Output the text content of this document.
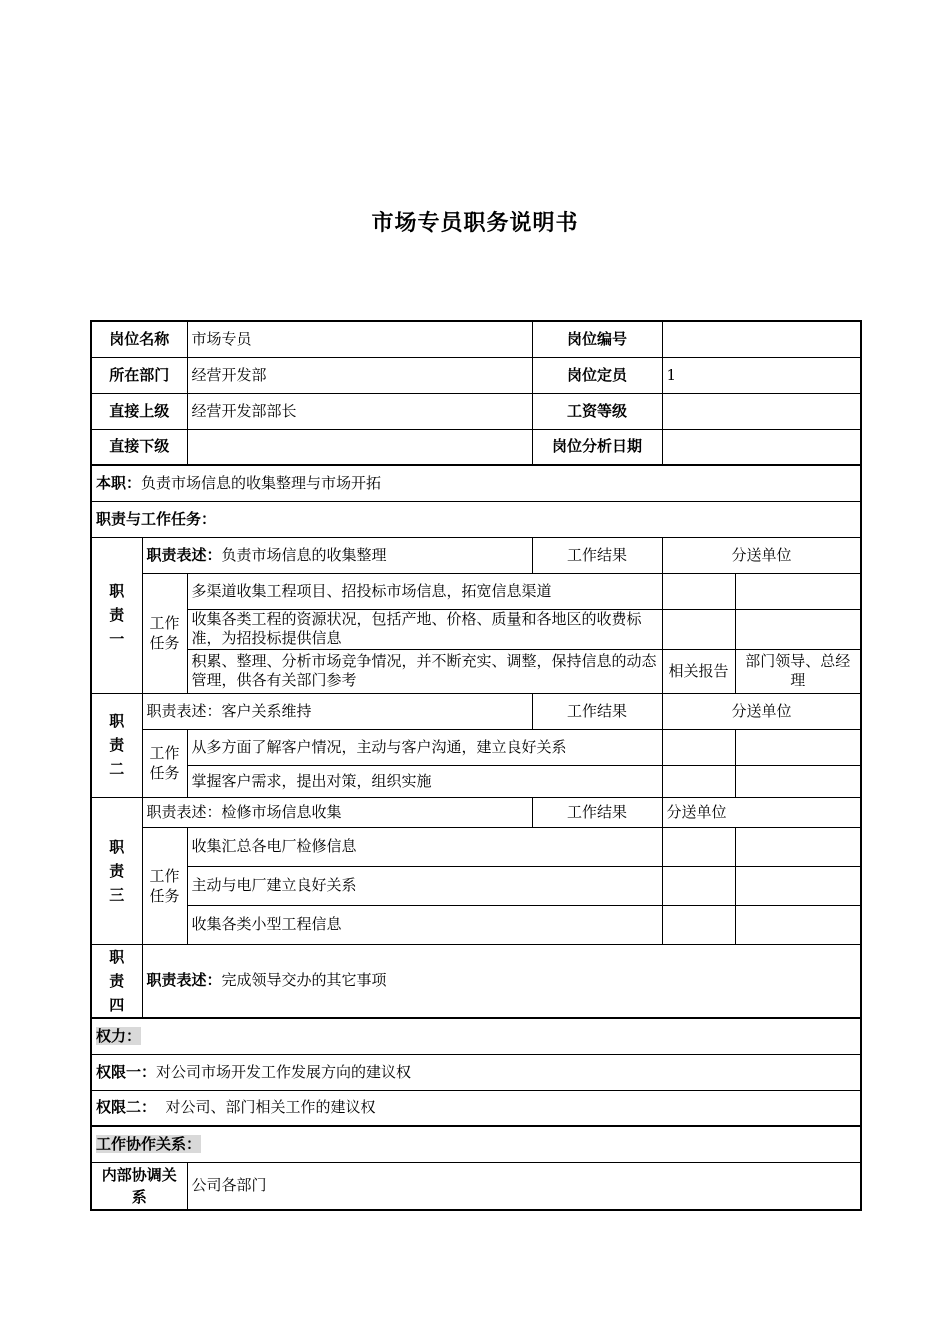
市场专员职务说明书
岗位名称		市场专员	岗位编号		
所在部门		经营开发部	岗位定员	1	
直接上级		经营开发部部长	工资等级		
直接下级			岗位分析日期		
本职：负责市场信息的收集整理与市场开拓					
职责与工作任务：					
职
责
一	职责表述：负责市场信息的收集整理		工作结果	分送单位	
	工作
任务	多渠道收集工程项目、招投标市场信息，拓宽信息渠道			
		收集各类工程的资源状况，包括产地、价格、质量和各地区的收费标准，为招投标提供信息			
		积累、整理、分析市场竞争情况，并不断充实、调整，保持信息的动态管理，供各有关部门参考		相关报告	部门领导、总经理
职
责
二	职责表述：客户关系维持		工作结果	分送单位	
	工作
任务	从多方面了解客户情况，主动与客户沟通，建立良好关系			
		掌握客户需求，提出对策，组织实施			
职
责
三	职责表述：检修市场信息收集		工作结果	分送单位	
	工作
任务	收集汇总各电厂检修信息			
		主动与电厂建立良好关系			
		收集各类小型工程信息			
职
责
四	职责表述：完成领导交办的其它事项				
权力：					
权限一：对公司市场开发工作发展方向的建议权					
权限二：  对公司、部门相关工作的建议权					
工作协作关系：					
内部协调关系		公司各部门			
